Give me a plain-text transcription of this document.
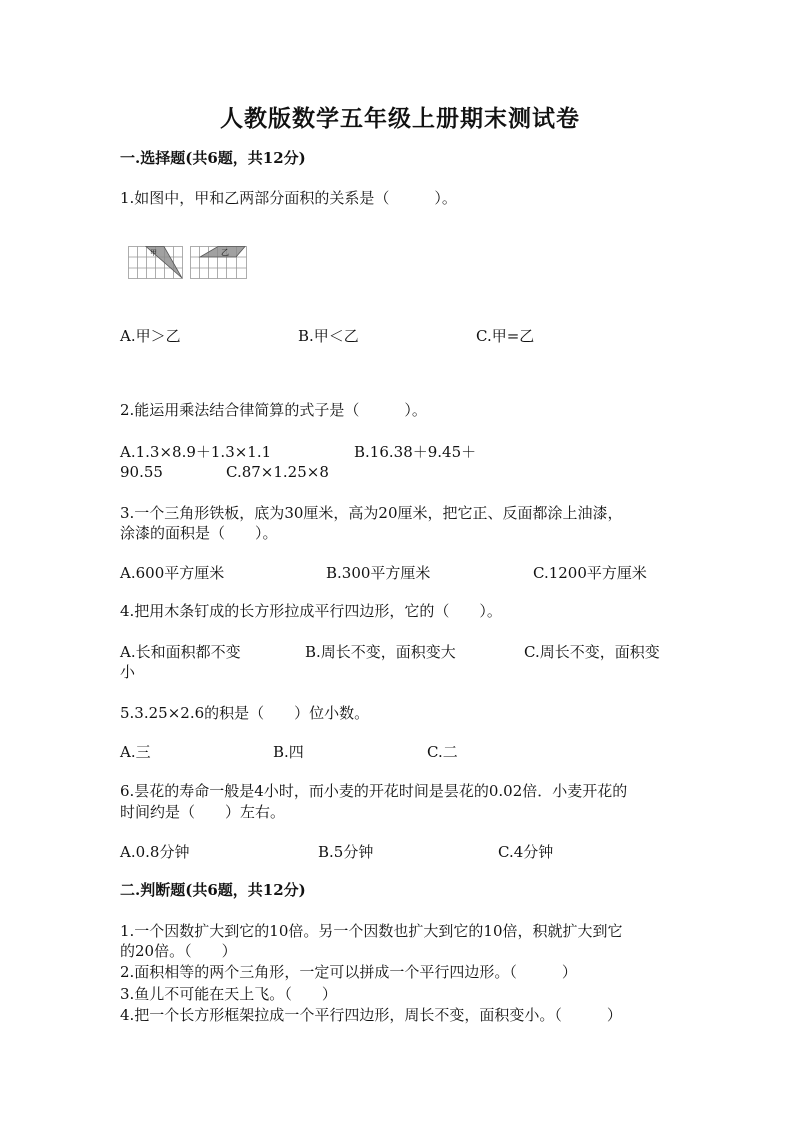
人教版数学五年级上册期末测试卷
一.选择题(共6题，共12分)
1.如图中，甲和乙两部分面积的关系是（　　　）。
甲	乙
A.甲＞乙	B.甲＜乙	C.甲=乙
2.能运用乘法结合律简算的式子是（　　　）。
A.1.3×8.9＋1.3×1.1	B.16.38＋9.45＋
90.55	C.87×1.25×8
3.一个三角形铁板，底为30厘米，高为20厘米，把它正、反面都涂上油漆，
涂漆的面积是（　　）。
A.600平方厘米	B.300平方厘米	C.1200平方厘米
4.把用木条钉成的长方形拉成平行四边形，它的（　　）。
A.长和面积都不变	B.周长不变，面积变大	C.周长不变，面积变
小
5.3.25×2.6的积是（　　）位小数。
A.三	B.四	C.二
6.昙花的寿命一般是4小时，而小麦的开花时间是昙花的0.02倍．小麦开花的
时间约是（　　）左右。
A.0.8分钟	B.5分钟	C.4分钟
二.判断题(共6题，共12分)
1.一个因数扩大到它的10倍。另一个因数也扩大到它的10倍，积就扩大到它
的20倍。（　　）
2.面积相等的两个三角形，一定可以拼成一个平行四边形。（　　　）
3.鱼儿不可能在天上飞。（　　）
4.把一个长方形框架拉成一个平行四边形，周长不变，面积变小。（　　　）
